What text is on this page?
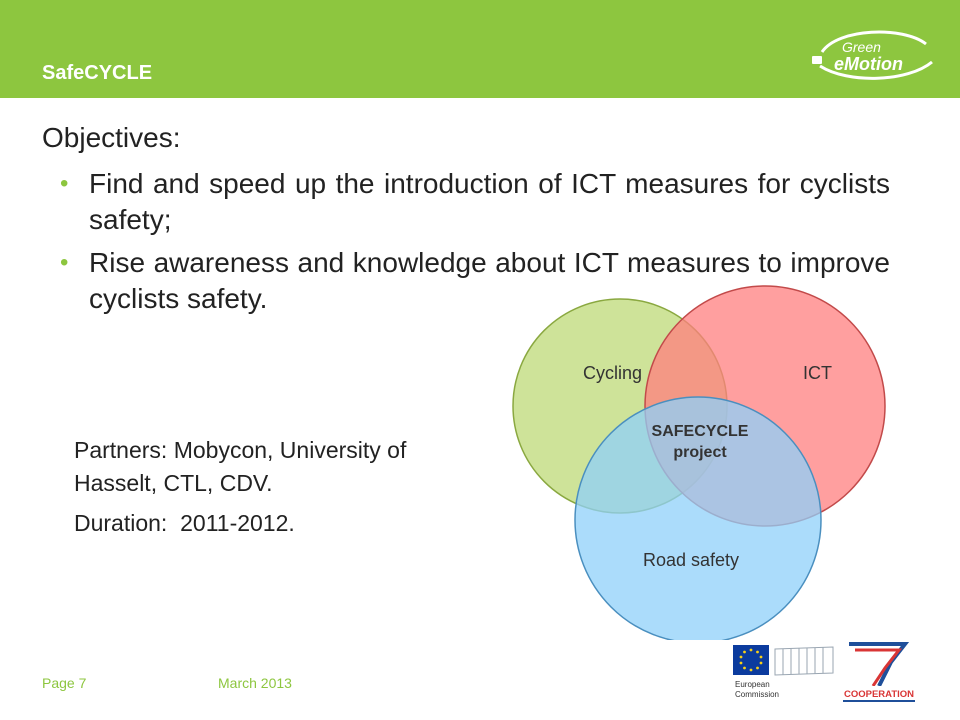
SafeCYCLE
Green
eMotion
Objectives:
• Find and speed up the introduction of ICT measures for cyclists safety;
• Rise awareness and knowledge about ICT measures to improve cyclists safety.
Partners: Mobycon, University of Hasselt, CTL, CDV.
Duration:  2011-2012.
Cycling	ICT
Road safety
SAFECYCLE
project
Page 7	March 2013	European
Commission	COOPERATION
